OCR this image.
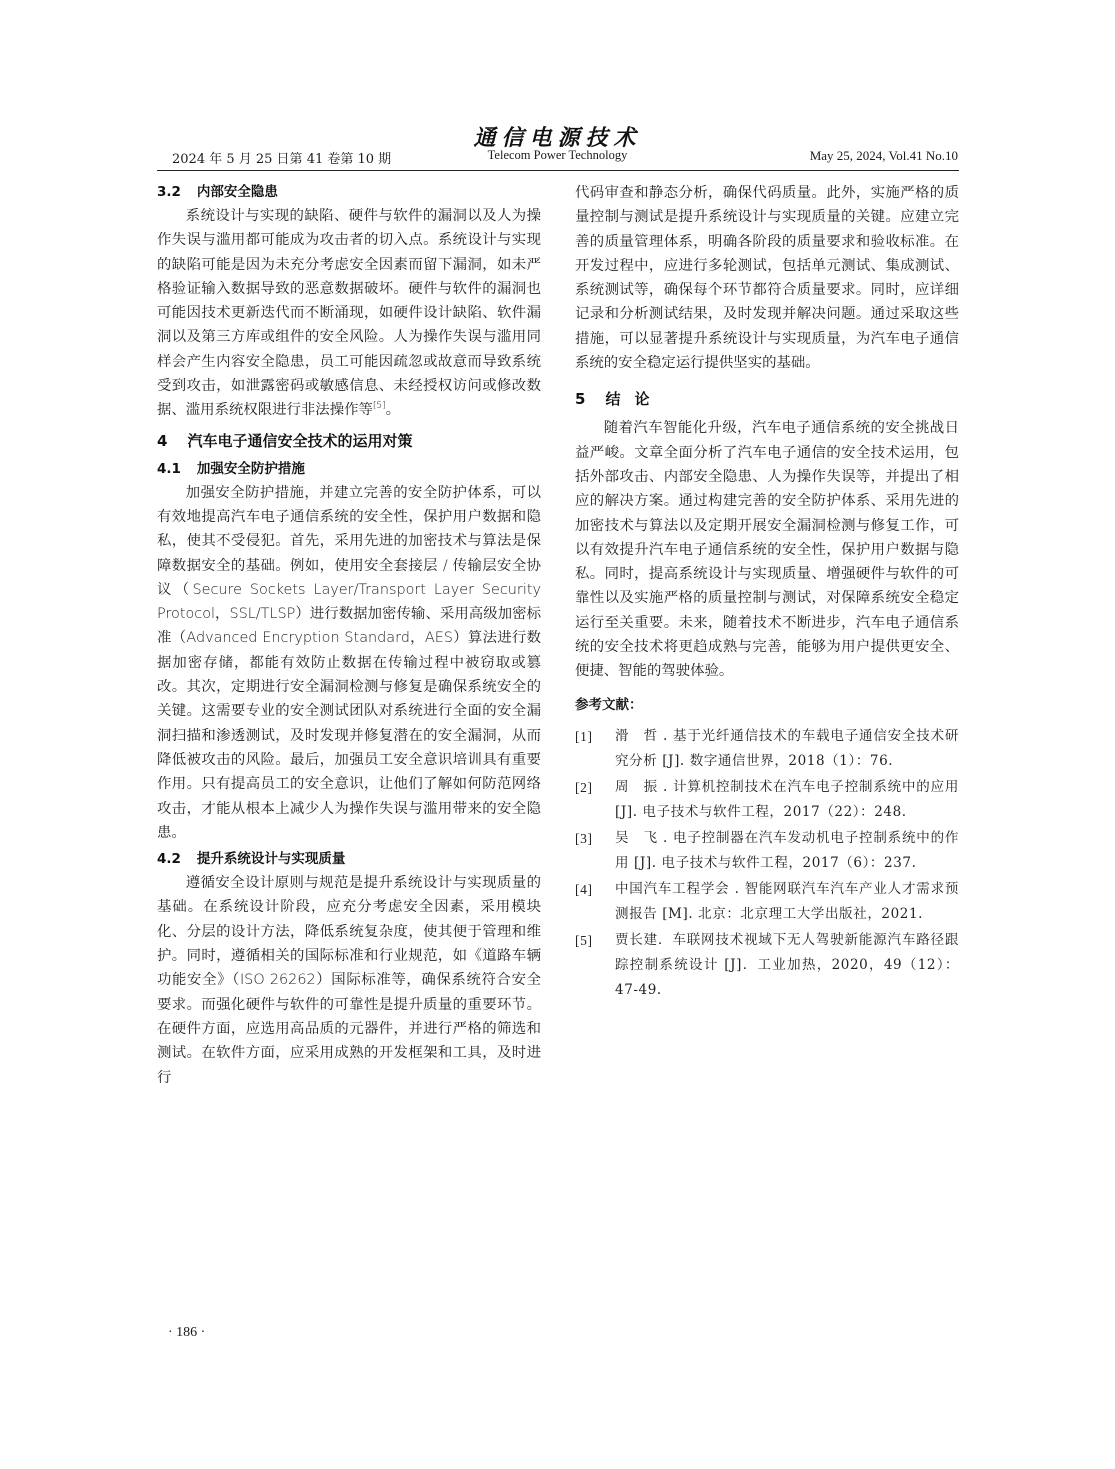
通信电源技术
2024 年 5 月 25 日第 41 卷第 10 期	Telecom Power Technology	May 25, 2024, Vol.41 No.10
3.2 内部安全隐患

系统设计与实现的缺陷、硬件与软件的漏洞以及人为操作失误与滥用都可能成为攻击者的切入点。系统设计与实现的缺陷可能是因为未充分考虑安全因素而留下漏洞，如未严格验证输入数据导致的恶意数据破坏。硬件与软件的漏洞也可能因技术更新迭代而不断涌现，如硬件设计缺陷、软件漏洞以及第三方库或组件的安全风险。人为操作失误与滥用同样会产生内容安全隐患，员工可能因疏忽或故意而导致系统受到攻击，如泄露密码或敏感信息、未经授权访问或修改数据、滥用系统权限进行非法操作等[5]。

4 汽车电子通信安全技术的运用对策
4.1 加强安全防护措施

加强安全防护措施，并建立完善的安全防护体系，可以有效地提高汽车电子通信系统的安全性，保护用户数据和隐私，使其不受侵犯。首先，采用先进的加密技术与算法是保障数据安全的基础。例如，使用安全套接层 / 传输层安全协议（Secure Sockets Layer/Transport Layer Security Protocol，SSL/TLSP）进行数据加密传输、采用高级加密标准（Advanced Encryption Standard，AES）算法进行数据加密存储，都能有效防止数据在传输过程中被窃取或篡改。其次，定期进行安全漏洞检测与修复是确保系统安全的关键。这需要专业的安全测试团队对系统进行全面的安全漏洞扫描和渗透测试，及时发现并修复潜在的安全漏洞，从而降低被攻击的风险。最后，加强员工安全意识培训具有重要作用。只有提高员工的安全意识，让他们了解如何防范网络攻击，才能从根本上减少人为操作失误与滥用带来的安全隐患。

4.2 提升系统设计与实现质量

遵循安全设计原则与规范是提升系统设计与实现质量的基础。在系统设计阶段，应充分考虑安全因素，采用模块化、分层的设计方法，降低系统复杂度，使其便于管理和维护。同时，遵循相关的国际标准和行业规范，如《道路车辆功能安全》（ISO 26262）国际标准等，确保系统符合安全要求。而强化硬件与软件的可靠性是提升质量的重要环节。在硬件方面，应选用高品质的元器件，并进行严格的筛选和测试。在软件方面，应采用成熟的开发框架和工具，及时进行

代码审查和静态分析，确保代码质量。此外，实施严格的质量控制与测试是提升系统设计与实现质量的关键。应建立完善的质量管理体系，明确各阶段的质量要求和验收标准。在开发过程中，应进行多轮测试，包括单元测试、集成测试、系统测试等，确保每个环节都符合质量要求。同时，应详细记录和分析测试结果，及时发现并解决问题。通过采取这些措施，可以显著提升系统设计与实现质量，为汽车电子通信系统的安全稳定运行提供坚实的基础。

5 结论

随着汽车智能化升级，汽车电子通信系统的安全挑战日益严峻。文章全面分析了汽车电子通信的安全技术运用，包括外部攻击、内部安全隐患、人为操作失误等，并提出了相应的解决方案。通过构建完善的安全防护体系、采用先进的加密技术与算法以及定期开展安全漏洞检测与修复工作，可以有效提升汽车电子通信系统的安全性，保护用户数据与隐私。同时，提高系统设计与实现质量、增强硬件与软件的可靠性以及实施严格的质量控制与测试，对保障系统安全稳定运行至关重要。未来，随着技术不断进步，汽车电子通信系统的安全技术将更趋成熟与完善，能够为用户提供更安全、便捷、智能的驾驶体验。

参考文献：
[1] 滑　哲 . 基于光纤通信技术的车载电子通信安全技术研究分析 [J]. 数字通信世界，2018（1）：76.
[2] 周　振 . 计算机控制技术在汽车电子控制系统中的应用 [J]. 电子技术与软件工程，2017（22）：248.
[3] 吴　飞 . 电子控制器在汽车发动机电子控制系统中的作用 [J]. 电子技术与软件工程，2017（6）：237.
[4] 中国汽车工程学会 . 智能网联汽车汽车产业人才需求预测报告 [M]. 北京：北京理工大学出版社，2021.
[5] 贾长建．车联网技术视域下无人驾驶新能源汽车路径跟踪控制系统设计 [J]．工业加热，2020，49（12）：47-49.
· 186 ·
